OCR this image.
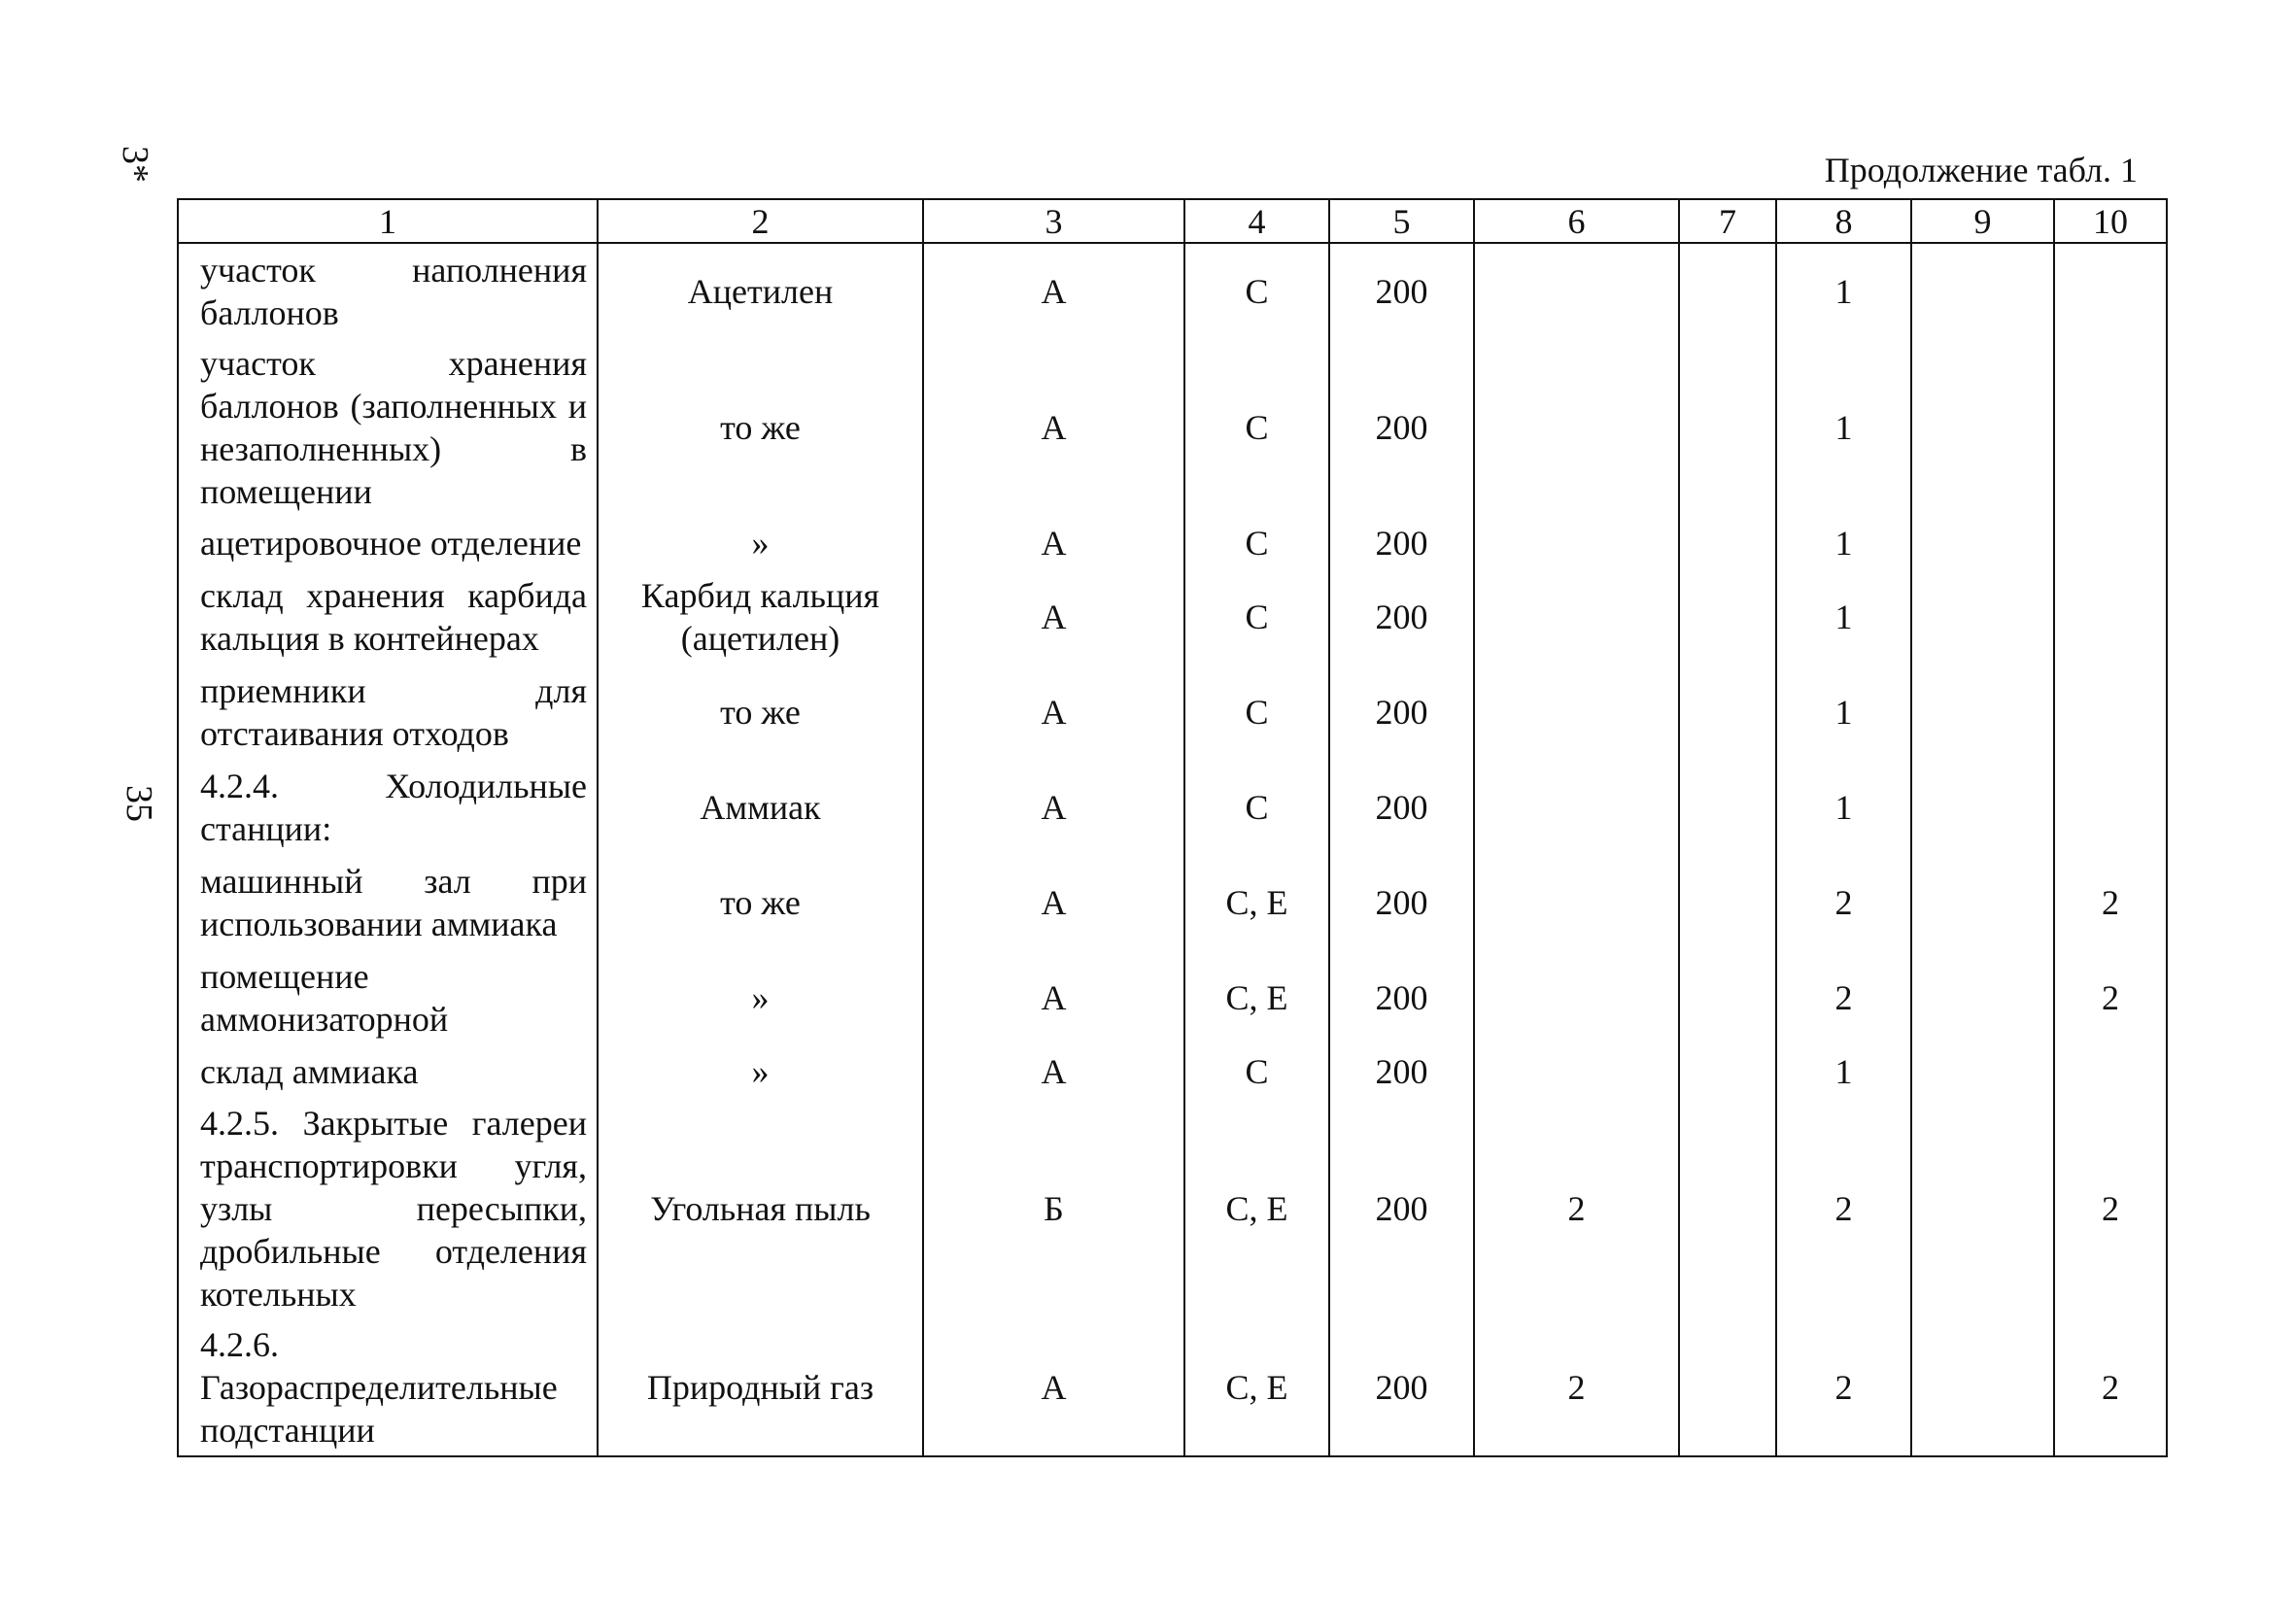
3*
35
Продолжение табл. 1
1	2	3	4	5	6	7	8	9	10
участок наполнения баллонов	Ацетилен	А	С	200			1		
участок хранения баллонов (заполненных и незаполненных) в помещении	то же	А	С	200			1		
ацетировочное отделение	»	А	С	200			1		
склад хранения карбида кальция в контейнерах	Карбид кальция (ацетилен)	А	С	200			1		
приемники для отстаивания отходов	то же	А	С	200			1		
4.2.4. Холодильные станции:	Аммиак	А	С	200			1		
машинный зал при использовании аммиака	то же	А	С, Е	200			2		2
помещение аммонизаторной	»	А	С, Е	200			2		2
склад аммиака	»	А	С	200			1		
4.2.5. Закрытые галереи транспортировки угля, узлы пересыпки, дробильные отделения котельных	Угольная пыль	Б	С, Е	200	2		2		2
4.2.6. Газораспределительные подстанции	Природный газ	А	С, Е	200	2		2		2
